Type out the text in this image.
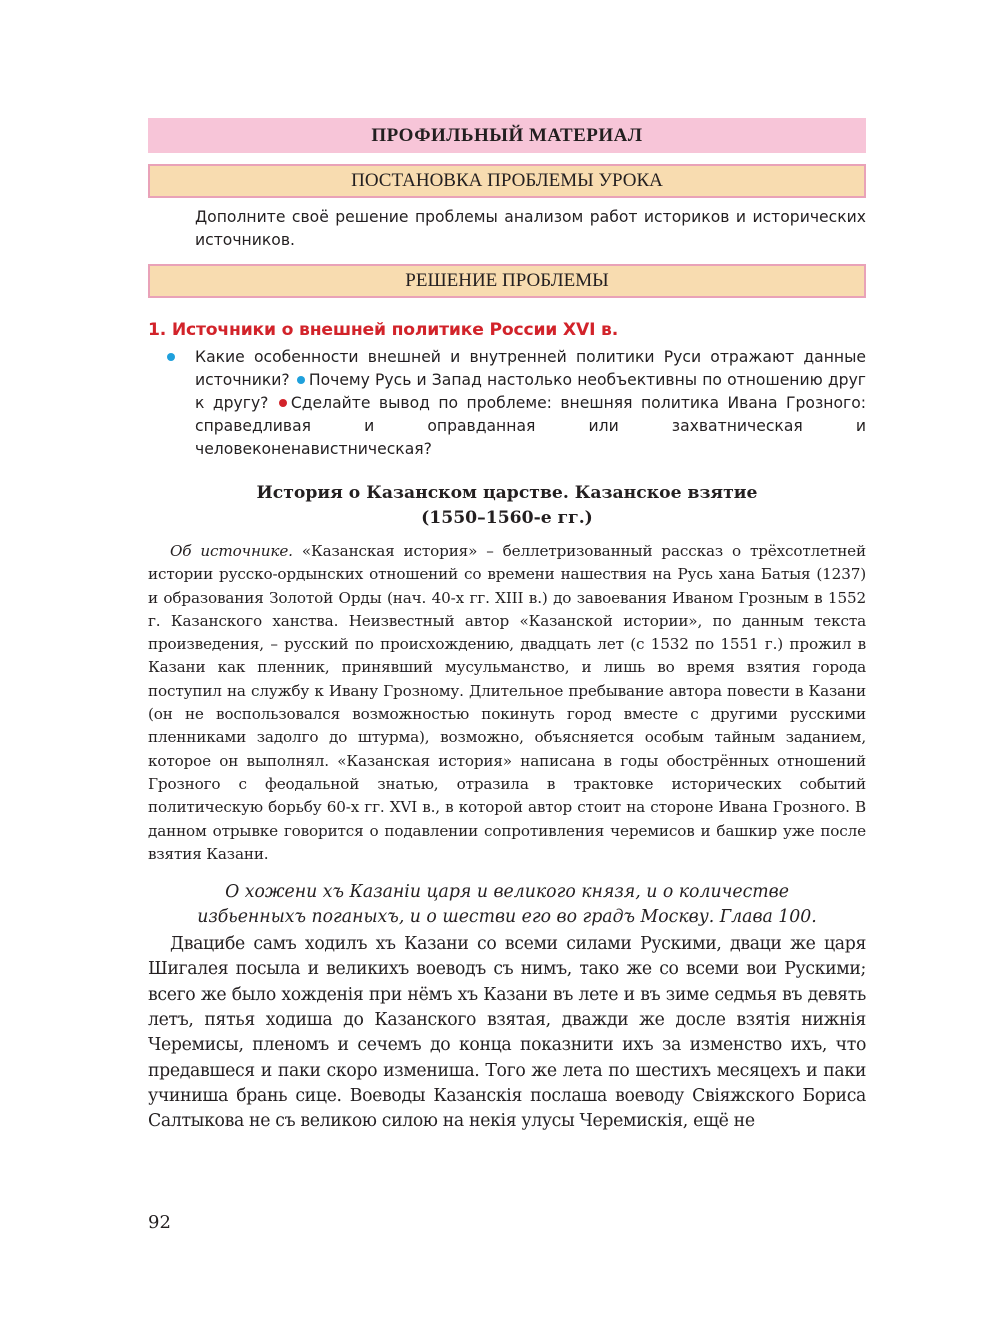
ПРОФИЛЬНЫЙ МАТЕРИАЛ
ПОСТАНОВКА ПРОБЛЕМЫ УРОКА

Дополните своё решение проблемы анализом работ историков и исторических источников.

РЕШЕНИЕ ПРОБЛЕМЫ
1. Источники о внешней политике России XVI в.
Какие особенности внешней и внутренней политики Руси отражают данные источники? Почему Русь и Запад настолько необъективны по отношению друг к другу? Сделайте вывод по проблеме: внешняя политика Ивана Грозного: справедливая и оправданная или захватническая и человеконенавистническая?
История о Казанском царстве. Казанское взятие
(1550–1560-е гг.)

Об источнике. «Казанская история» – беллетризованный рассказ о трёхсотлетней истории русско-ордынских отношений со времени нашествия на Русь хана Батыя (1237) и образования Золотой Орды (нач. 40-х гг. XIII в.) до завоевания Иваном Грозным в 1552 г. Казанского ханства. Неизвестный автор «Казанской истории», по данным текста произведения, – русский по происхождению, двадцать лет (с 1532 по 1551 г.) прожил в Казани как пленник, принявший мусульманство, и лишь во время взятия города поступил на службу к Ивану Грозному. Длительное пребывание автора повести в Казани (он не воспользовался возможностью покинуть город вместе с другими русскими пленниками задолго до штурма), возможно, объясняется особым тайным заданием, которое он выполнял. «Казанская история» написана в годы обострённых отношений Грозного с феодальной знатью, отразила в трактовке исторических событий политическую борьбу 60-х гг. XVI в., в которой автор стоит на стороне Ивана Грозного. В данном отрывке говорится о подавлении сопротивления черемисов и башкир уже после взятия Казани.

О хожени хъ Казаніи царя и великого князя, и о количестве
избьенныхъ поганыхъ, и о шестви его во градъ Москву. Глава 100.

Двацибе самъ ходилъ хъ Казани со всеми силами Рускими, дваци же царя Шигалея посыла и великихъ воеводъ съ нимъ, тако же со всеми вои Рускими; всего же было хожденія при нёмъ хъ Казани въ лете и въ зиме седмья въ девять летъ, пятья ходиша до Казанского взятая, дважди же досле взятія нижнія Черемисы, пленомъ и сечемъ до конца показнити ихъ за изменство ихъ, что предавшеся и паки скоро измениша. Того же лета по шестихъ месяцехъ и паки учиниша брань сице. Воеводы Казанскія послаша воеводу Свіяжского Бориса Салтыкова не съ великою силою на некія улусы Черемискія, ещё не

92
